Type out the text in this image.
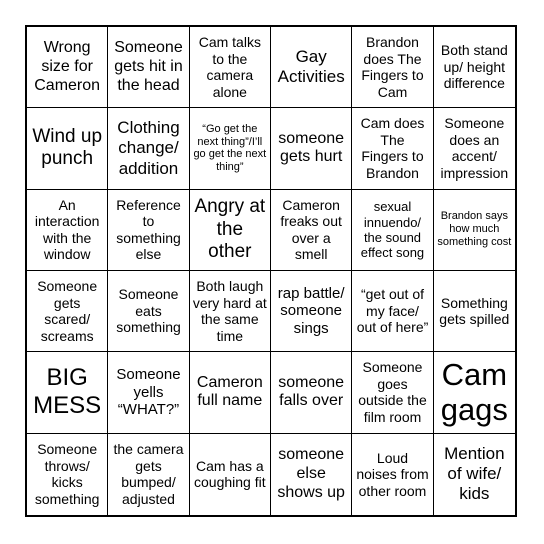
Wrong size for Cameron
Someone gets hit in the head
Cam talks to the camera alone
Gay Activities
Brandon does The Fingers to Cam
Both stand up/ height difference
Wind up punch
Clothing change/ addition
“Go get the next thing”/I’ll go get the next thing”
someone gets hurt
Cam does The Fingers to Brandon
Someone does an accent/ impression
An interaction with the window
Reference to something else
Angry at the other
Cameron freaks out over a smell
sexual innuendo/ the sound effect song
Brandon says how much something cost
Someone gets scared/ screams
Someone eats something
Both laugh very hard at the same time
rap battle/ someone sings
“get out of my face/ out of here”
Something gets spilled
BIG MESS
Someone yells “WHAT?”
Cameron full name
someone falls over
Someone goes outside the film room
Cam gags
Someone throws/ kicks something
the camera gets bumped/ adjusted
Cam has a coughing fit
someone else shows up
Loud noises from other room
Mention of wife/ kids
